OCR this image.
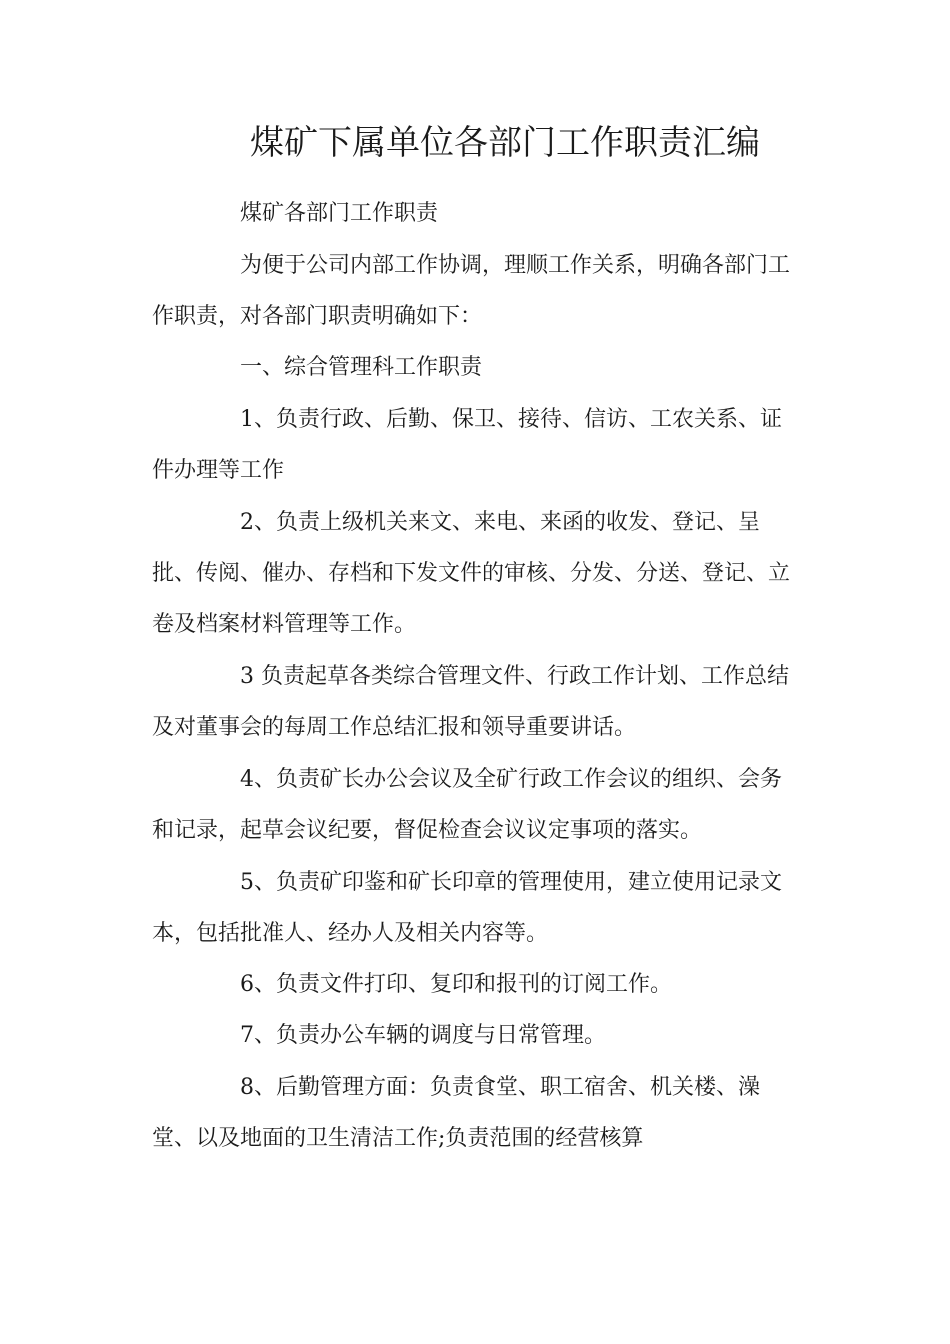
煤矿下属单位各部门工作职责汇编

煤矿各部门工作职责

为便于公司内部工作协调，理顺工作关系，明确各部门工

作职责，对各部门职责明确如下：

一、综合管理科工作职责

1、负责行政、后勤、保卫、接待、信访、工农关系、证

件办理等工作

2、负责上级机关来文、来电、来函的收发、登记、呈

批、传阅、催办、存档和下发文件的审核、分发、分送、登记、立

卷及档案材料管理等工作。

3 负责起草各类综合管理文件、行政工作计划、工作总结

及对董事会的每周工作总结汇报和领导重要讲话。

4、负责矿长办公会议及全矿行政工作会议的组织、会务

和记录，起草会议纪要，督促检查会议议定事项的落实。

5、负责矿印鉴和矿长印章的管理使用，建立使用记录文

本，包括批准人、经办人及相关内容等。

6、负责文件打印、复印和报刊的订阅工作。

7、负责办公车辆的调度与日常管理。

8、后勤管理方面：负责食堂、职工宿舍、机关楼、澡

堂、以及地面的卫生清洁工作;负责范围的经营核算
